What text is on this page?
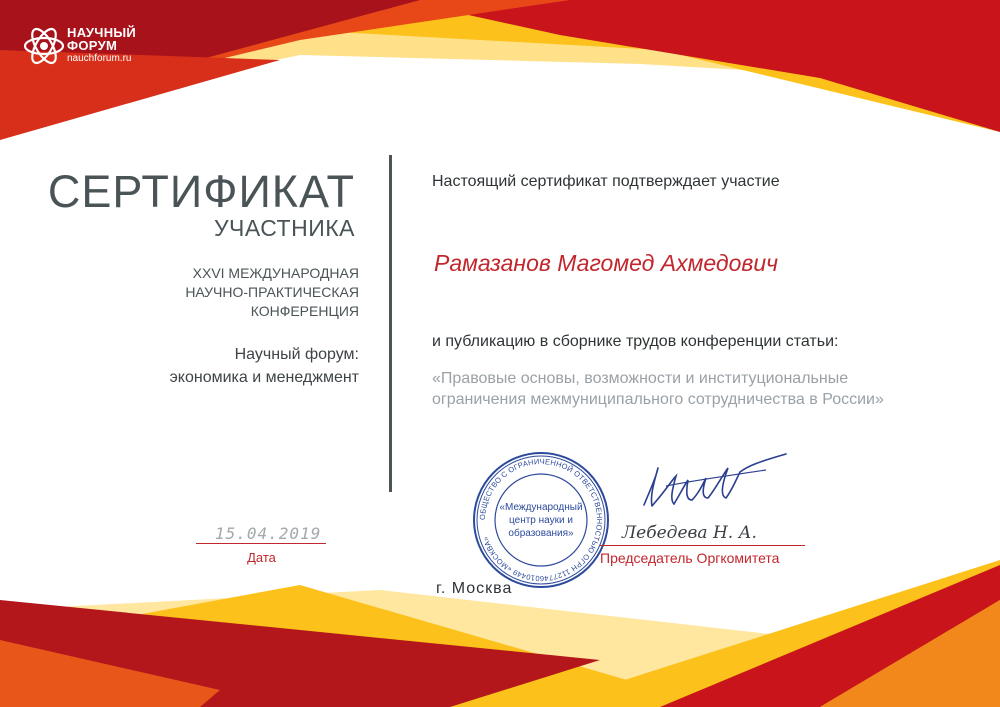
НАУЧНЫЙ
ФОРУМ
nauchforum.ru
СЕРТИФИКАТ
УЧАСТНИКА
XXVI МЕЖДУНАРОДНАЯ
НАУЧНО-ПРАКТИЧЕСКАЯ
КОНФЕРЕНЦИЯ
Научный форум:
экономика и менеджмент
Настоящий сертификат подтверждает участие
Рамазанов Магомед Ахмедович
и публикацию в сборнике трудов конференции статьи:
«Правовые основы, возможности и институциональные
ограничения межмуниципального сотрудничества в России»
15.04.2019
Дата
ОБЩЕСТВО С ОГРАНИЧЕННОЙ ОТВЕТСТВЕННОСТЬЮ ОГРН 1127746010449 «МОСКВА»
«Международный
центр науки и
образования»	Лебедева Н. А.
Председатель Оргкомитета
г. Москва
